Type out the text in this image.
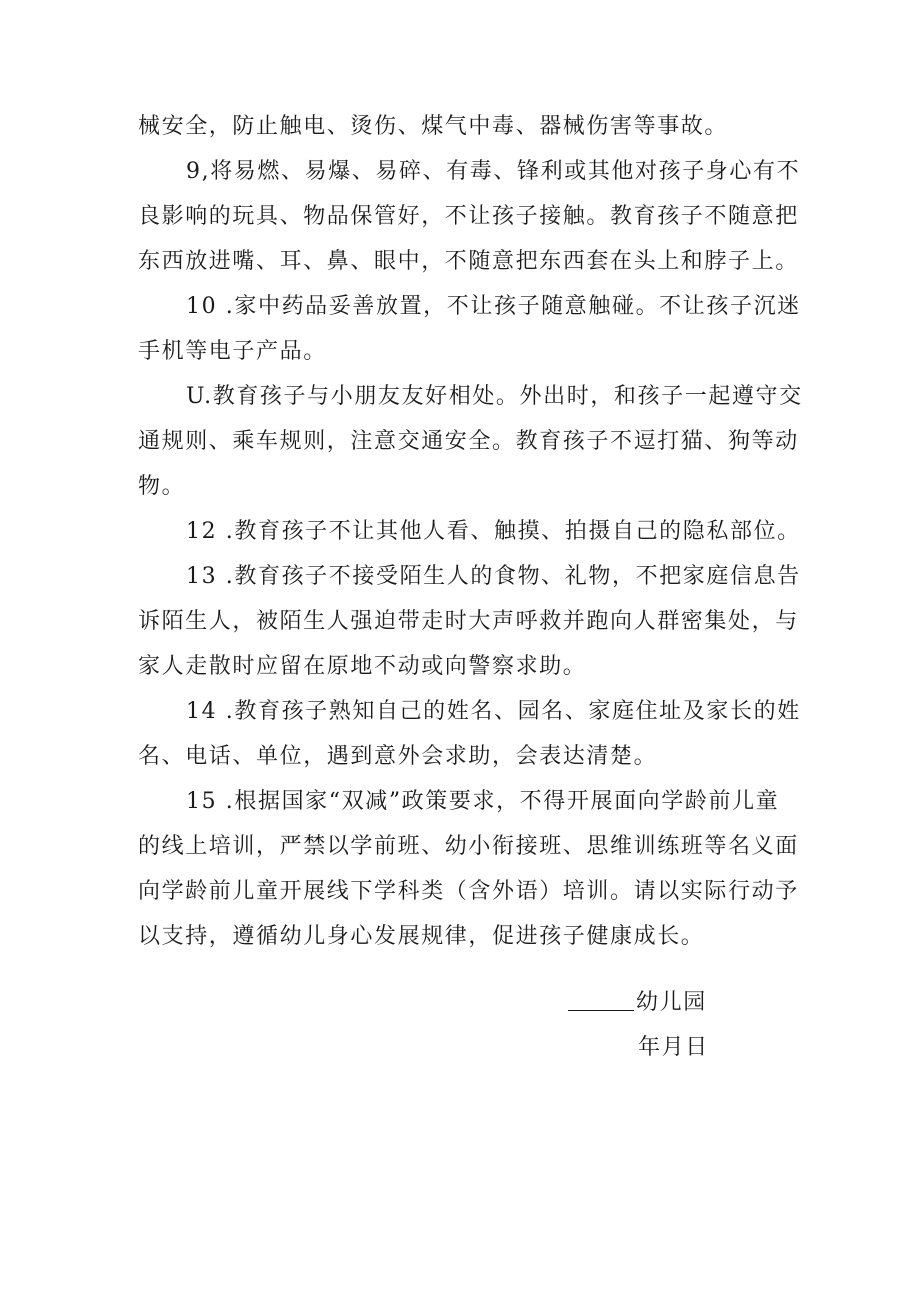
械安全，防止触电、烫伤、煤气中毒、器械伤害等事故。

9,将易燃、易爆、易碎、有毒、锋利或其他对孩子身心有不
良影响的玩具、物品保管好，不让孩子接触。教育孩子不随意把
东西放进嘴、耳、鼻、眼中，不随意把东西套在头上和脖子上。

10 .家中药品妥善放置，不让孩子随意触碰。不让孩子沉迷
手机等电子产品。

U.教育孩子与小朋友友好相处。外出时，和孩子一起遵守交
通规则、乘车规则，注意交通安全。教育孩子不逗打猫、狗等动
物。

12 .教育孩子不让其他人看、触摸、拍摄自己的隐私部位。

13 .教育孩子不接受陌生人的食物、礼物，不把家庭信息告
诉陌生人，被陌生人强迫带走时大声呼救并跑向人群密集处，与
家人走散时应留在原地不动或向警察求助。

14 .教育孩子熟知自己的姓名、园名、家庭住址及家长的姓
名、电话、单位，遇到意外会求助，会表达清楚。

15 .根据国家“双减”政策要求，不得开展面向学龄前儿童
的线上培训，严禁以学前班、幼小衔接班、思维训练班等名义面
向学龄前儿童开展线下学科类（含外语）培训。请以实际行动予
以支持，遵循幼儿身心发展规律，促进孩子健康成长。

幼儿园
年月日
